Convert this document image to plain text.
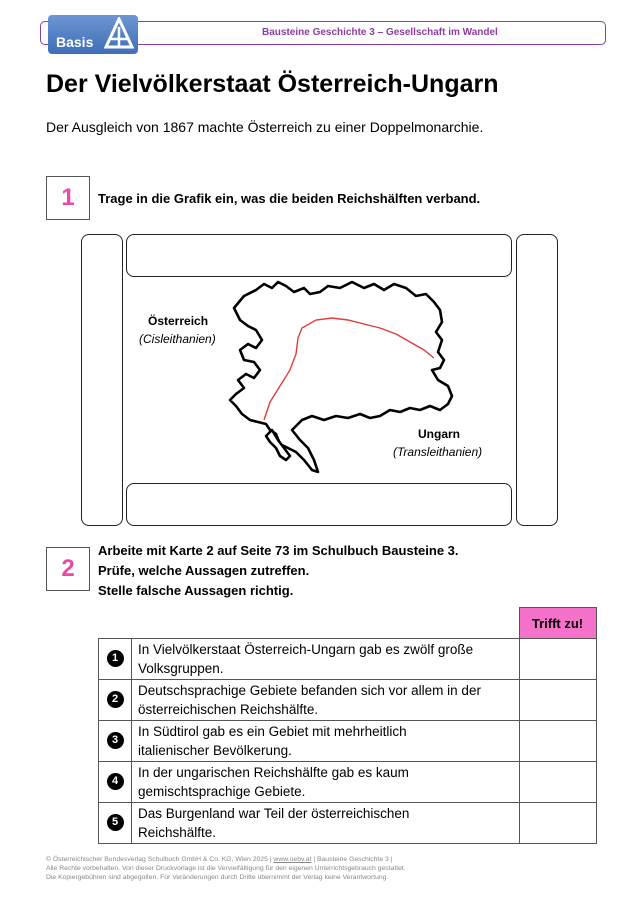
Basis
Bausteine Geschichte 3 – Gesellschaft im Wandel
Der Vielvölkerstaat Österreich-Ungarn
Der Ausgleich von 1867 machte Österreich zu einer Doppelmonarchie.
1	Trage in die Grafik ein, was die beiden Reichshälften verband.
Österreich
(Cisleithanien)
Ungarn
(Transleithanien)
2
Arbeite mit Karte 2 auf Seite 73 im Schulbuch Bausteine 3.
Prüfe, welche Aussagen zutreffen.
Stelle falsche Aussagen richtig.
		Trifft zu!
1	In Vielvölkerstaat Österreich-Ungarn gab es zwölf große
Volksgruppen.	

2	Deutschsprachige Gebiete befanden sich vor allem in der
österreichischen Reichshälfte.	

3	In Südtirol gab es ein Gebiet mit mehrheitlich
italienischer Bevölkerung.	

4	In der ungarischen Reichshälfte gab es kaum
gemischtsprachige Gebiete.	

5	Das Burgenland war Teil der österreichischen
Reichshälfte.	

© Österreichischer Bundesverlag Schulbuch GmbH & Co. KG, Wien 2025 | www.oebv.at | Bausteine Geschichte 3 |
Alle Rechte vorbehalten. Von dieser Druckvorlage ist die Vervielfältigung für den eigenen Unterrichtsgebrauch gestattet.
Die Kopiergebühren sind abgegolten. Für Veränderungen durch Dritte übernimmt der Verlag keine Verantwortung.
